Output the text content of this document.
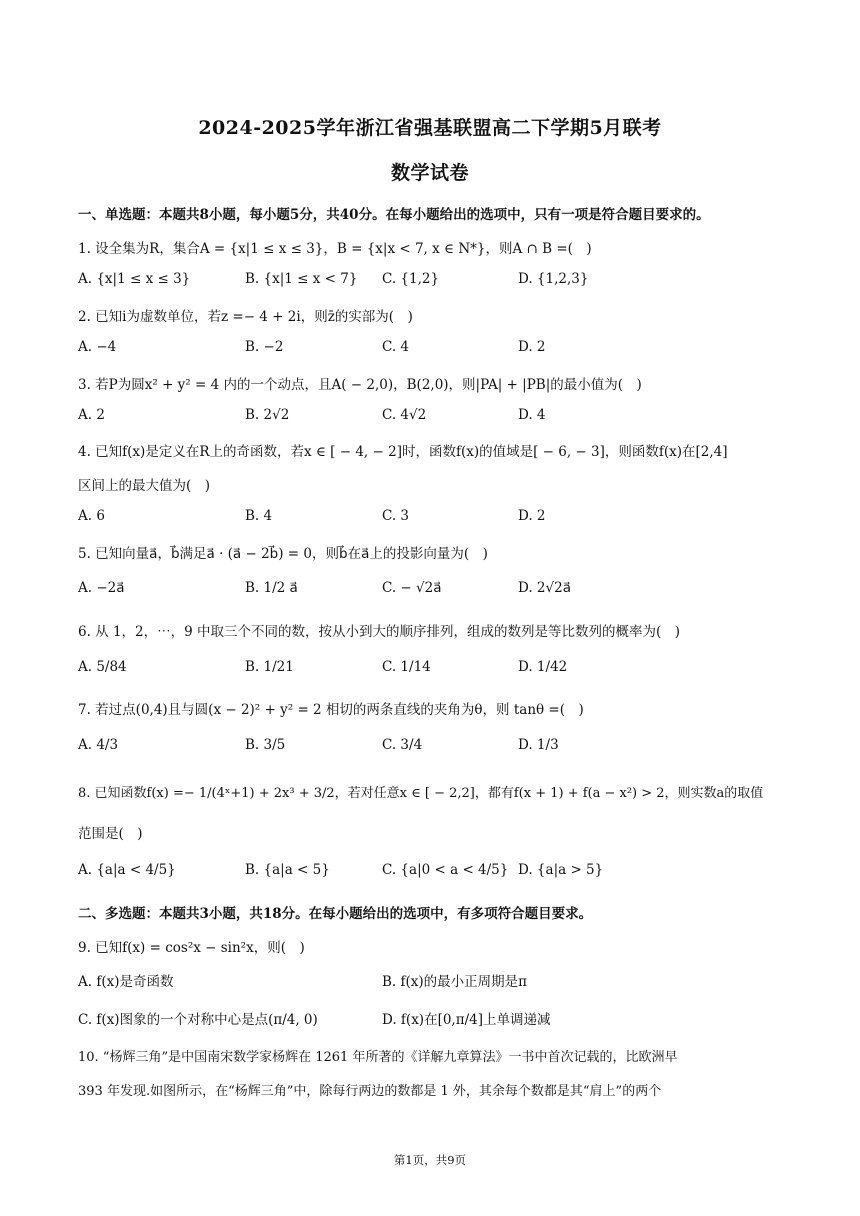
2024-2025学年浙江省强基联盟高二下学期5月联考
数学试卷
一、单选题：本题共8小题，每小题5分，共40分。在每小题给出的选项中，只有一项是符合题目要求的。
1. 设全集为R，集合A = {x|1 ≤ x ≤ 3}，B = {x|x < 7, x ∈ N*}，则A ∩ B =(　)
A. {x|1 ≤ x ≤ 3}	B. {x|1 ≤ x < 7} C. {1,2}	D. {1,2,3}
2. 已知i为虚数单位，若z =− 4 + 2i，则z̄的实部为(　)
A. −4	B. −2	C. 4	D. 2
3. 若P为圆x² + y² = 4 内的一个动点，且A( − 2,0)，B(2,0)，则|PA| + |PB|的最小值为(　)
A. 2	B. 2√2	C. 4√2	D. 4
4. 已知f(x)是定义在R上的奇函数，若x ∈ [ − 4, − 2]时，函数f(x)的值域是[ − 6, − 3]，则函数f(x)在[2,4]
区间上的最大值为(　)
A. 6	B. 4	C. 3	D. 2
5. 已知向量a⃗，b⃗满足a⃗ · (a⃗ − 2b⃗) = 0，则b⃗在a⃗上的投影向量为(　)
A. −2a⃗	B. 1/2 a⃗	C. − √2a⃗	D. 2√2a⃗
6. 从 1，2，⋯，9 中取三个不同的数，按从小到大的顺序排列，组成的数列是等比数列的概率为(　)
A. 5/84	B. 1/21	C. 1/14	D. 1/42
7. 若过点(0,4)且与圆(x − 2)² + y² = 2 相切的两条直线的夹角为θ，则 tanθ =(　)
A. 4/3	B. 3/5	C. 3/4	D. 1/3
8. 已知函数f(x) =− 1/(4ˣ+1) + 2x³ + 3/2，若对任意x ∈ [ − 2,2]，都有f(x + 1) + f(a − x²) > 2，则实数a的取值
范围是(　)
A. {a|a < 4/5}	B. {a|a < 5}	C. {a|0 < a < 4/5} D. {a|a > 5}
二、多选题：本题共3小题，共18分。在每小题给出的选项中，有多项符合题目要求。
9. 已知f(x) = cos²x − sin²x，则(　)
A. f(x)是奇函数	B. f(x)的最小正周期是π
C. f(x)图象的一个对称中心是点(π/4, 0)	D. f(x)在[0,π/4]上单调递减
10. “杨辉三角”是中国南宋数学家杨辉在 1261 年所著的《详解九章算法》一书中首次记载的，比欧洲早
393 年发现.如图所示，在“杨辉三角”中，除每行两边的数都是 1 外，其余每个数都是其“肩上”的两个
第1页，共9页
